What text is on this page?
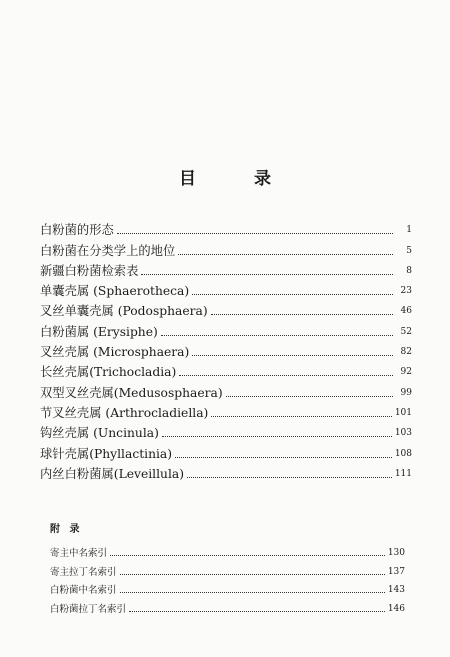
目 录
白粉菌的形态	1
白粉菌在分类学上的地位	5
新疆白粉菌检索表	8
单囊壳属 (Sphaerotheca)	23
叉丝单囊壳属 (Podosphaera)	46
白粉菌属 (Erysiphe)	52
叉丝壳属 (Microsphaera)	82
长丝壳属(Trichocladia)	92
双型叉丝壳属(Medusosphaera)	99
节叉丝壳属 (Arthrocladiella)	101
钩丝壳属 (Uncinula)	103
球针壳属(Phyllactinia)	108
内丝白粉菌属(Leveillula)	111
附 录
寄主中名索引	130
寄主拉丁名索引	137
白粉菌中名索引	143
白粉菌拉丁名索引	146
